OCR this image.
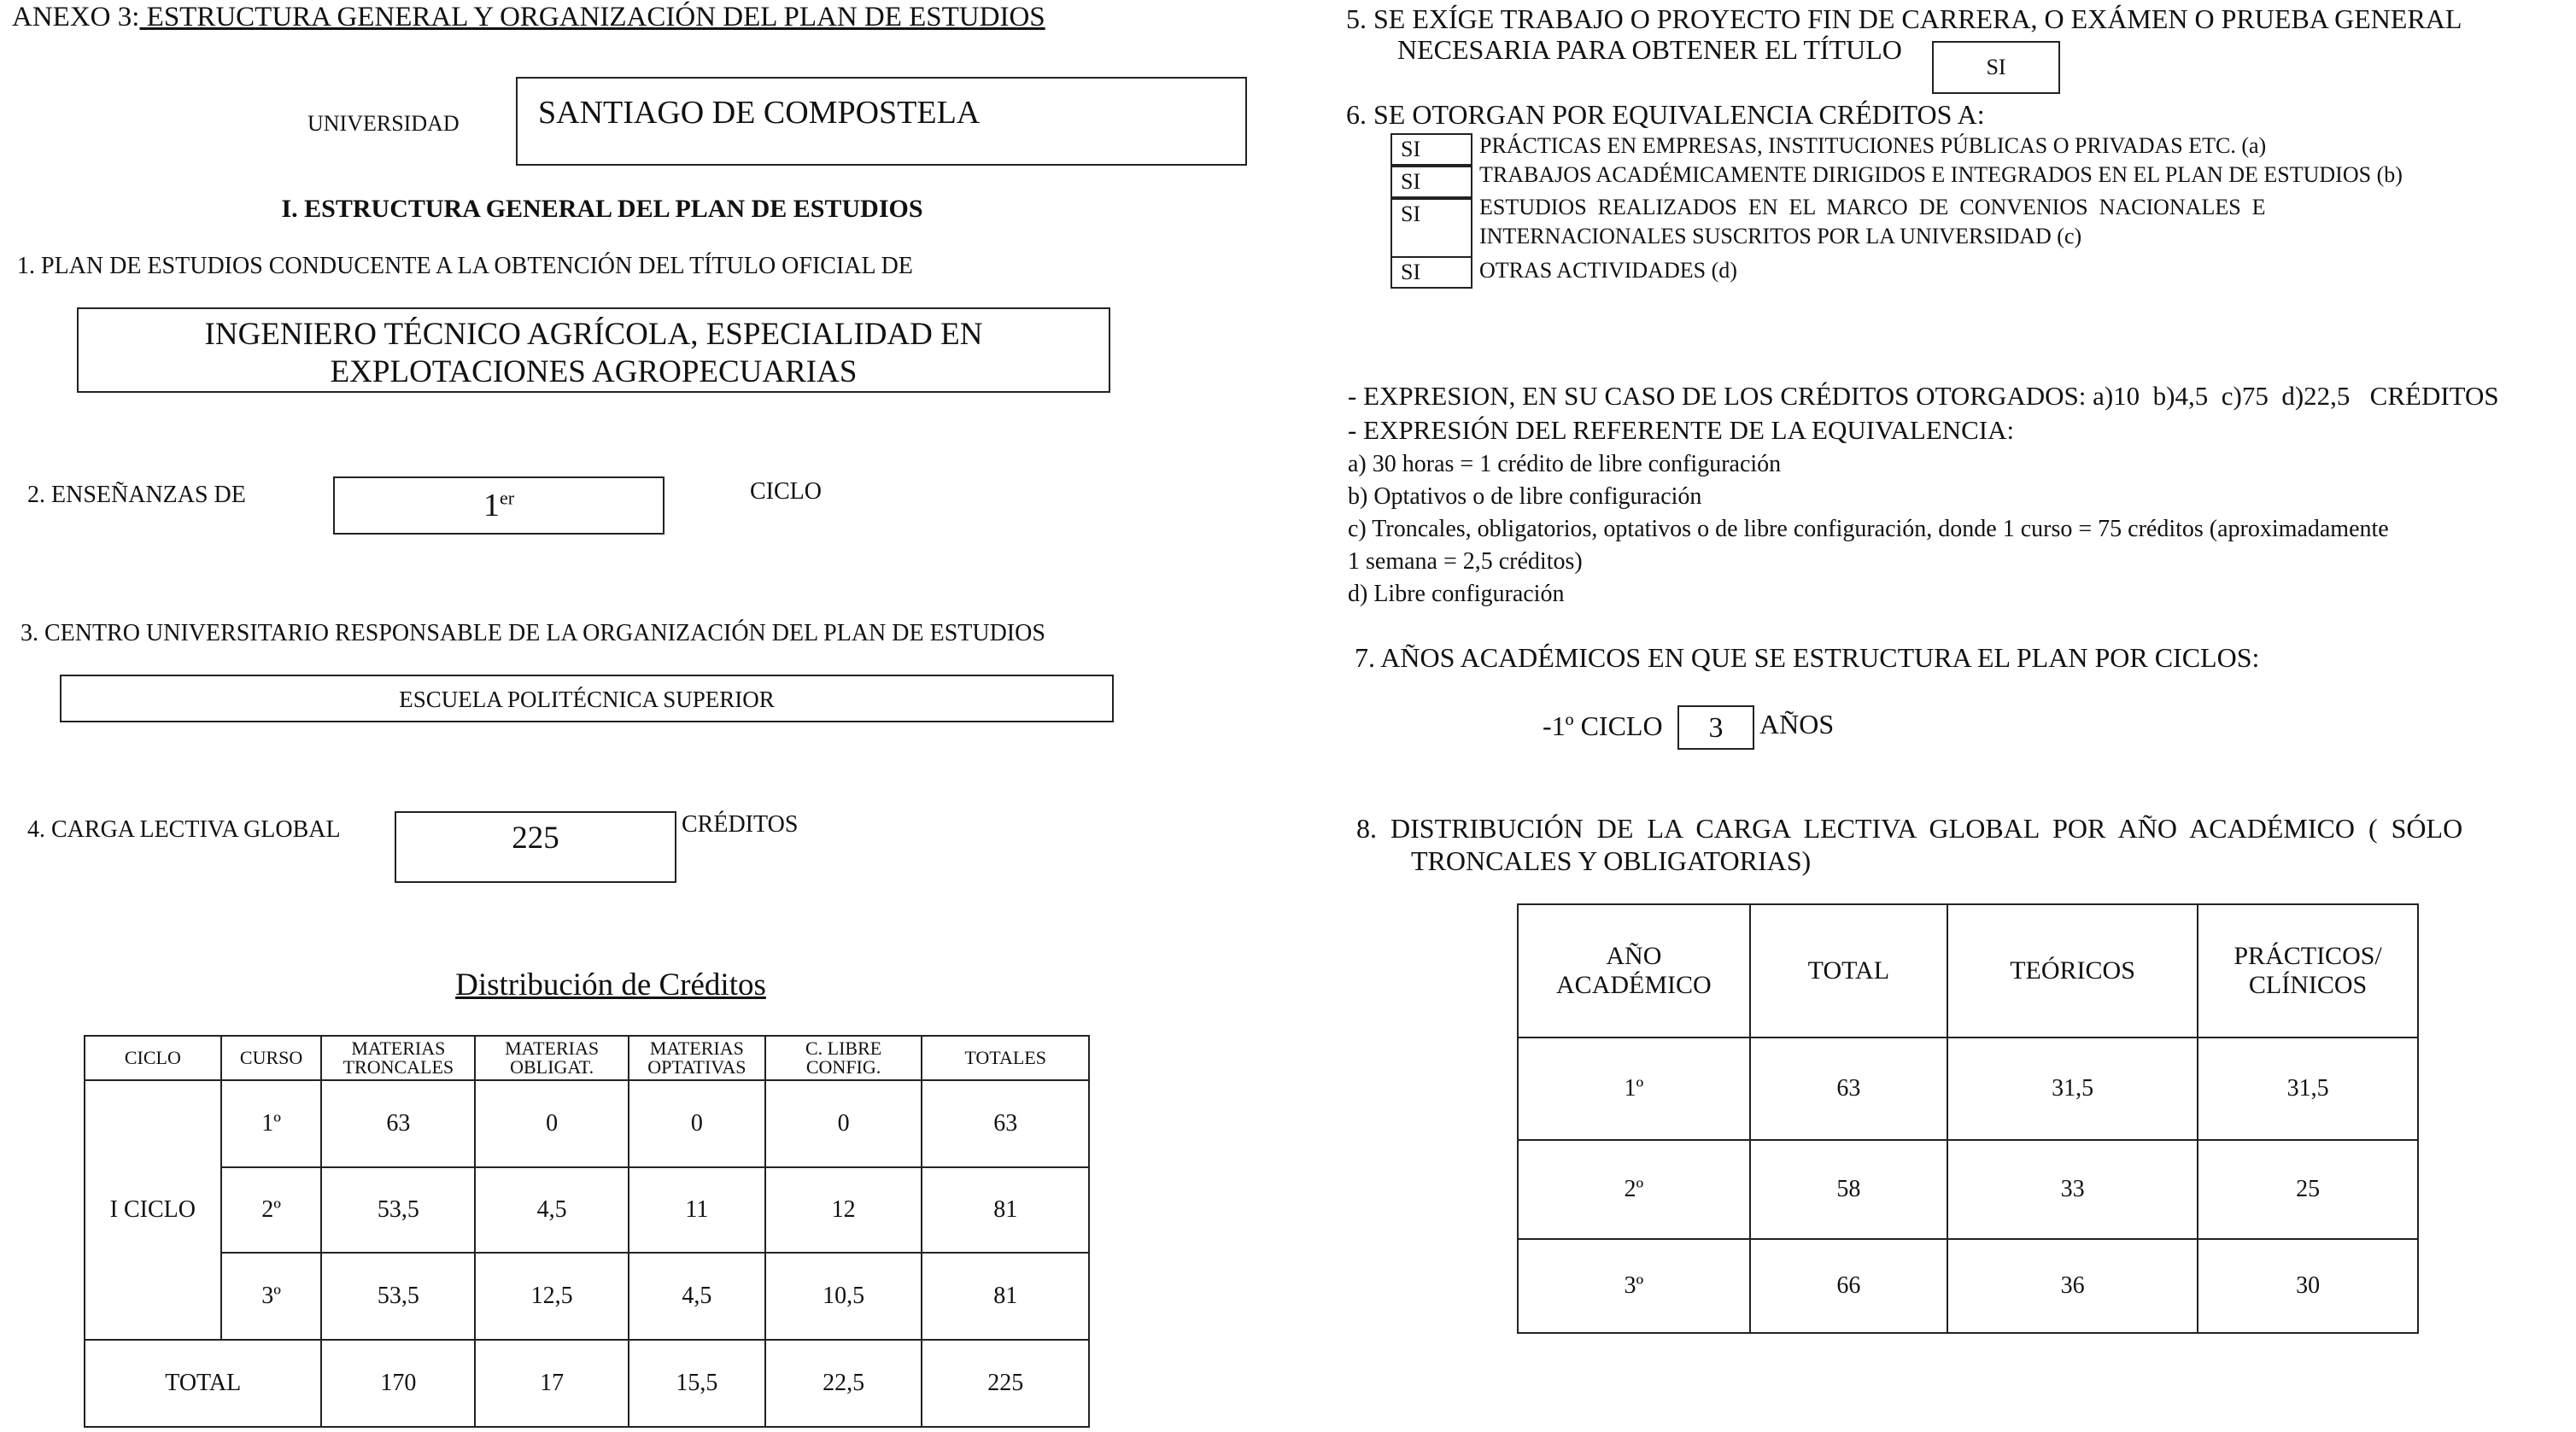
ANEXO 3: ESTRUCTURA GENERAL Y ORGANIZACIÓN DEL PLAN DE ESTUDIOS
UNIVERSIDAD SANTIAGO DE COMPOSTELA
I. ESTRUCTURA GENERAL DEL PLAN DE ESTUDIOS
1. PLAN DE ESTUDIOS CONDUCENTE A LA OBTENCIÓN DEL TÍTULO OFICIAL DE
INGENIERO TÉCNICO AGRÍCOLA, ESPECIALIDAD EN
EXPLOTACIONES AGROPECUARIAS
2. ENSEÑANZAS DE	1er	CICLO
3. CENTRO UNIVERSITARIO RESPONSABLE DE LA ORGANIZACIÓN DEL PLAN DE ESTUDIOS
ESCUELA POLITÉCNICA SUPERIOR
4. CARGA LECTIVA GLOBAL	225	CRÉDITOS
Distribución de Créditos
CICLO	CURSO	MATERIAS TRONCALES	MATERIAS OBLIGAT.	MATERIAS OPTATIVAS	C. LIBRE CONFIG.	TOTALES
I CICLO	1º	63	0	0	0	63
	2º	53,5	4,5	11	12	81
	3º	53,5	12,5	4,5	10,5	81
TOTAL		170	17	15,5	22,5	225
5. SE EXÍGE TRABAJO O PROYECTO FIN DE CARRERA, O EXÁMEN O PRUEBA GENERAL
NECESARIA PARA OBTENER EL TÍTULO
SI
6. SE OTORGAN POR EQUIVALENCIA CRÉDITOS A:
SI	PRÁCTICAS EN EMPRESAS, INSTITUCIONES PÚBLICAS O PRIVADAS ETC. (a)
SI	TRABAJOS ACADÉMICAMENTE DIRIGIDOS E INTEGRADOS EN EL PLAN DE ESTUDIOS (b)
SI	ESTUDIOS  REALIZADOS  EN  EL  MARCO  DE  CONVENIOS  NACIONALES  E
INTERNACIONALES SUSCRITOS POR LA UNIVERSIDAD (c)
SI	OTRAS ACTIVIDADES (d)
- EXPRESION, EN SU CASO DE LOS CRÉDITOS OTORGADOS: a)10  b)4,5  c)75  d)22,5   CRÉDITOS
- EXPRESIÓN DEL REFERENTE DE LA EQUIVALENCIA:
a) 30 horas = 1 crédito de libre configuración
b) Optativos o de libre configuración
c) Troncales, obligatorios, optativos o de libre configuración, donde 1 curso = 75 créditos (aproximadamente
1 semana = 2,5 créditos)
d) Libre configuración
7. AÑOS ACADÉMICOS EN QUE SE ESTRUCTURA EL PLAN POR CICLOS:
-1º CICLO	3	AÑOS
8.  DISTRIBUCIÓN  DE  LA  CARGA  LECTIVA  GLOBAL  POR  AÑO  ACADÉMICO  (  SÓLO
TRONCALES Y OBLIGATORIAS)
AÑO ACADÉMICO	TOTAL	TEÓRICOS	PRÁCTICOS/ CLÍNICOS
1º	63	31,5	31,5
2º	58	33	25
3º	66	36	30
